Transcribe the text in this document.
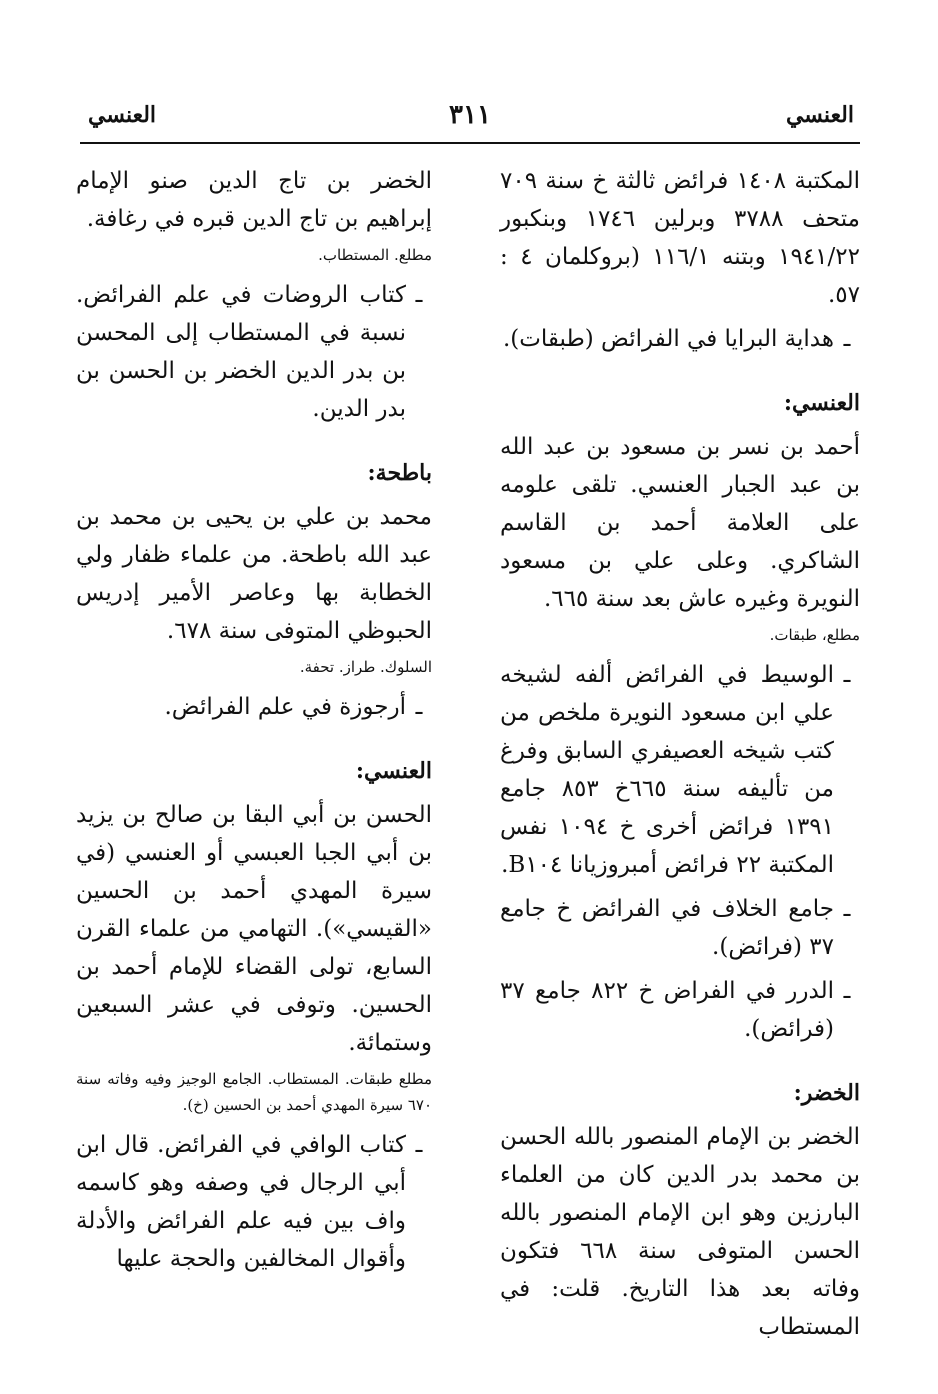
العنسي
٣١١
العنسي

المكتبة ١٤٠٨ فرائض ثالثة خ سنة ٧٠٩ متحف ٣٧٨٨ وبرلين ١٧٤٦ وبنكبور ١٩٤١/٢٢ وبتنه ١١٦/١ (بروكلمان ٤ : ٥٧.

ـهداية البرايا في الفرائض (طبقات).

العنسي:

أحمد بن نسر بن مسعود بن عبد الله بن عبد الجبار العنسي. تلقى علومه على العلامة أحمد بن القاسم الشاكري. وعلى علي بن مسعود النويرة وغيره عاش بعد سنة ٦٦٥.

مطلع، طبقات.

ـالوسيط في الفرائض ألفه لشيخه علي ابن مسعود النويرة ملخص من كتب شيخه العصيفري السابق وفرغ من تأليفه سنة ٦٦٥خ ٨٥٣ جامع ١٣٩١ فرائض أخرى خ ١٠٩٤ نفس المكتبة ٢٢ فرائض أمبروزيانا B١٠٤.

ـجامع الخلاف في الفرائض خ جامع ٣٧ (فرائض).

ـالدرر في الفراض خ ٨٢٢ جامع ٣٧ (فرائض).

الخضر:

الخضر بن الإمام المنصور بالله الحسن بن محمد بدر الدين كان من العلماء البارزين وهو ابن الإمام المنصور بالله الحسن المتوفى سنة ٦٦٨ فتكون وفاته بعد هذا التاريخ. قلت: في المستطاب

الخضر بن تاج الدين صنو الإمام إبراهيم بن تاج الدين قبره في رغافة.

مطلع. المستطاب.

ـكتاب الروضات في علم الفرائض. نسبة في المستطاب إلى المحسن بن بدر الدين الخضر بن الحسن بن بدر الدين.

باطحة:

محمد بن علي بن يحيى بن محمد بن عبد الله باطحة. من علماء ظفار ولي الخطابة بها وعاصر الأمير إدريس الحبوظي المتوفى سنة ٦٧٨.

السلوك. طراز. تحفة.

ـأرجوزة في علم الفرائض.

العنسي:

الحسن بن أبي البقا بن صالح بن يزيد بن أبي الجبا العبسي أو العنسي (في سيرة المهدي أحمد بن الحسين «القيسي»). التهامي من علماء القرن السابع، تولى القضاء للإمام أحمد بن الحسين. وتوفى في عشر السبعين وستمائة.

مطلع طبقات. المستطاب. الجامع الوجيز وفيه وفاته سنة ٦٧٠ سيرة المهدي أحمد بن الحسين (خ).

ـكتاب الوافي في الفرائض. قال ابن أبي الرجال في وصفه وهو كاسمه واف بين فيه علم الفرائض والأدلة وأقوال المخالفين والحجة عليها
